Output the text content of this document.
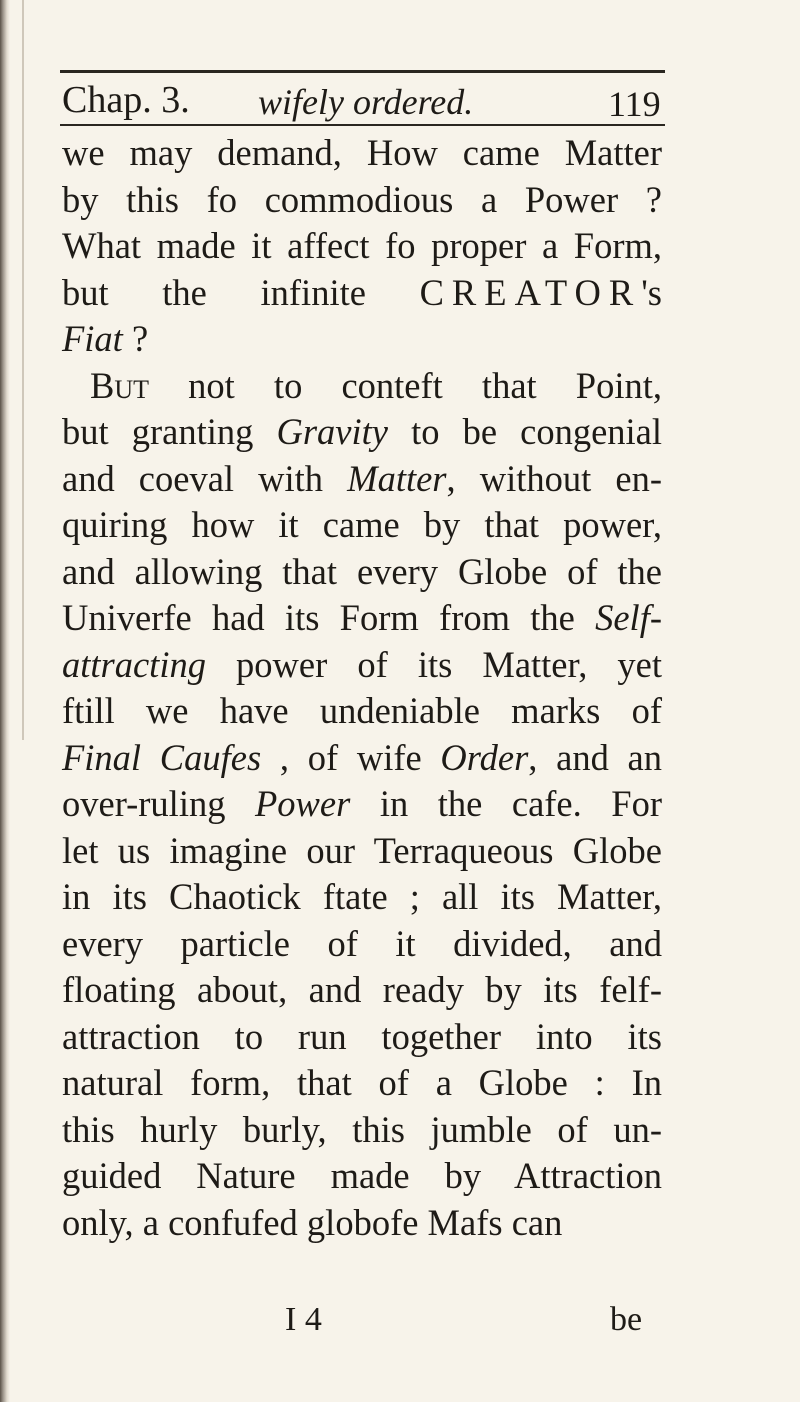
Chap. 3. wifely ordered.	119
we may demand, How came Matter
by this fo commodious a Power ?
What made it affect fo proper a Form,
but the infinite CREATOR's
Fiat ?
But not to conteft that Point,
but granting Gravity to be congenial
and coeval with Matter, without en-
quiring how it came by that power,
and allowing that every Globe of the
Univerfe had its Form from the Self-
attracting power of its Matter, yet
ftill we have undeniable marks of
Final Caufes , of wife Order, and an
over-ruling Power in the cafe. For
let us imagine our Terraqueous Globe
in its Chaotick ftate ; all its Matter,
every particle of it divided, and
floating about, and ready by its felf-
attraction to run together into its
natural form, that of a Globe : In
this hurly burly, this jumble of un-
guided Nature made by Attraction
only, a confufed globofe Mafs can
I 4	be
